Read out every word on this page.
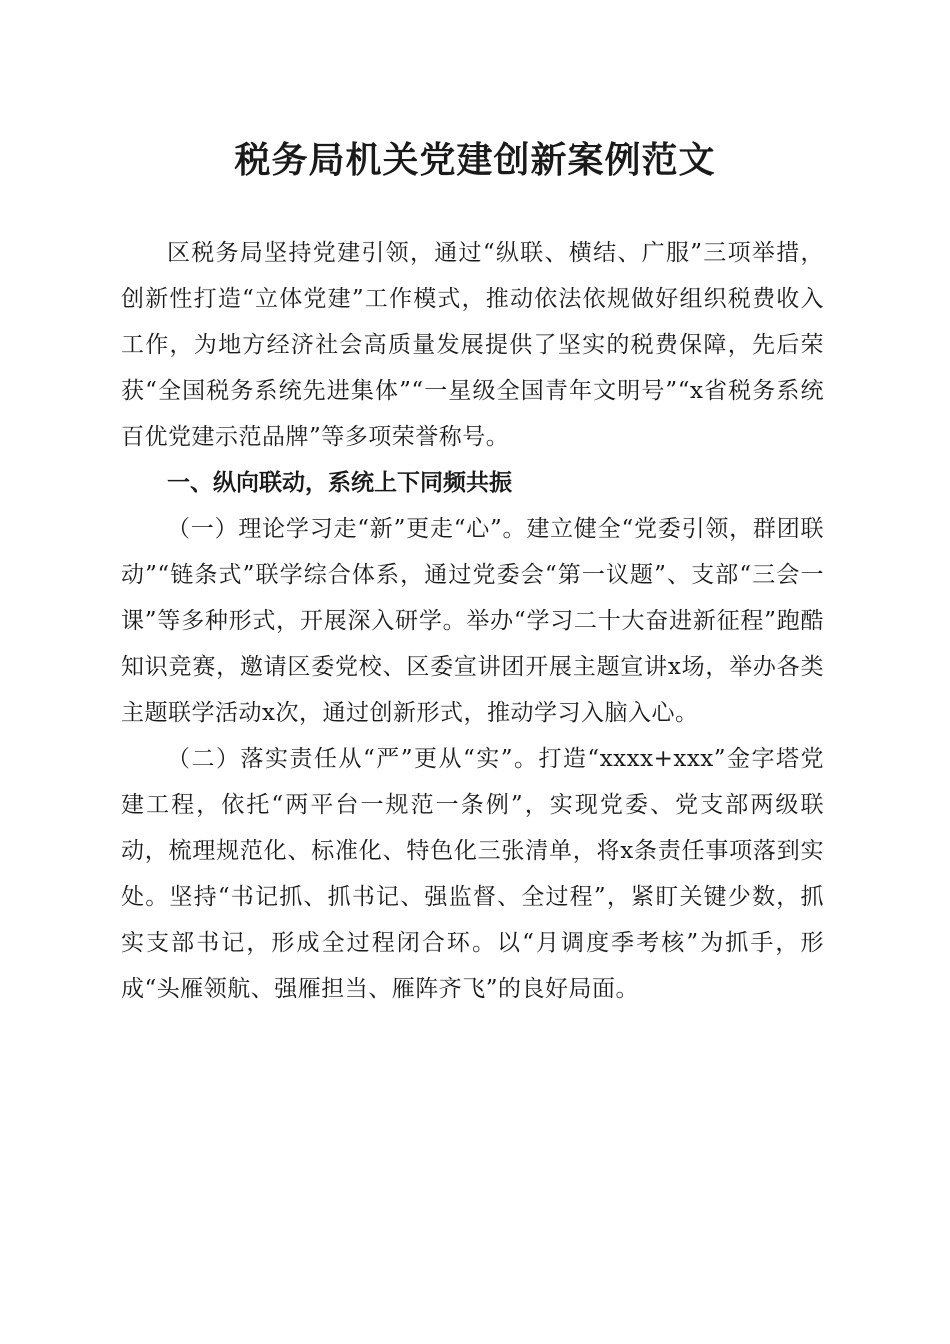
税务局机关党建创新案例范文

区税务局坚持党建引领，通过“纵联、横结、广服”三项举措，创新性打造“立体党建”工作模式，推动依法依规做好组织税费收入工作，为地方经济社会高质量发展提供了坚实的税费保障，先后荣获“全国税务系统先进集体”“一星级全国青年文明号”“x省税务系统百优党建示范品牌”等多项荣誉称号。

一、纵向联动，系统上下同频共振

（一）理论学习走“新”更走“心”。建立健全“党委引领，群团联动”“链条式”联学综合体系，通过党委会“第一议题”、支部“三会一课”等多种形式，开展深入研学。举办“学习二十大奋进新征程”跑酷知识竞赛，邀请区委党校、区委宣讲团开展主题宣讲x场，举办各类主题联学活动x次，通过创新形式，推动学习入脑入心。

（二）落实责任从“严”更从“实”。打造“xxxx+xxx”金字塔党建工程，依托“两平台一规范一条例”，实现党委、党支部两级联动，梳理规范化、标准化、特色化三张清单，将x条责任事项落到实处。坚持“书记抓、抓书记、强监督、全过程”，紧盯关键少数，抓实支部书记，形成全过程闭合环。以“月调度季考核”为抓手，形成“头雁领航、强雁担当、雁阵齐飞”的良好局面。
